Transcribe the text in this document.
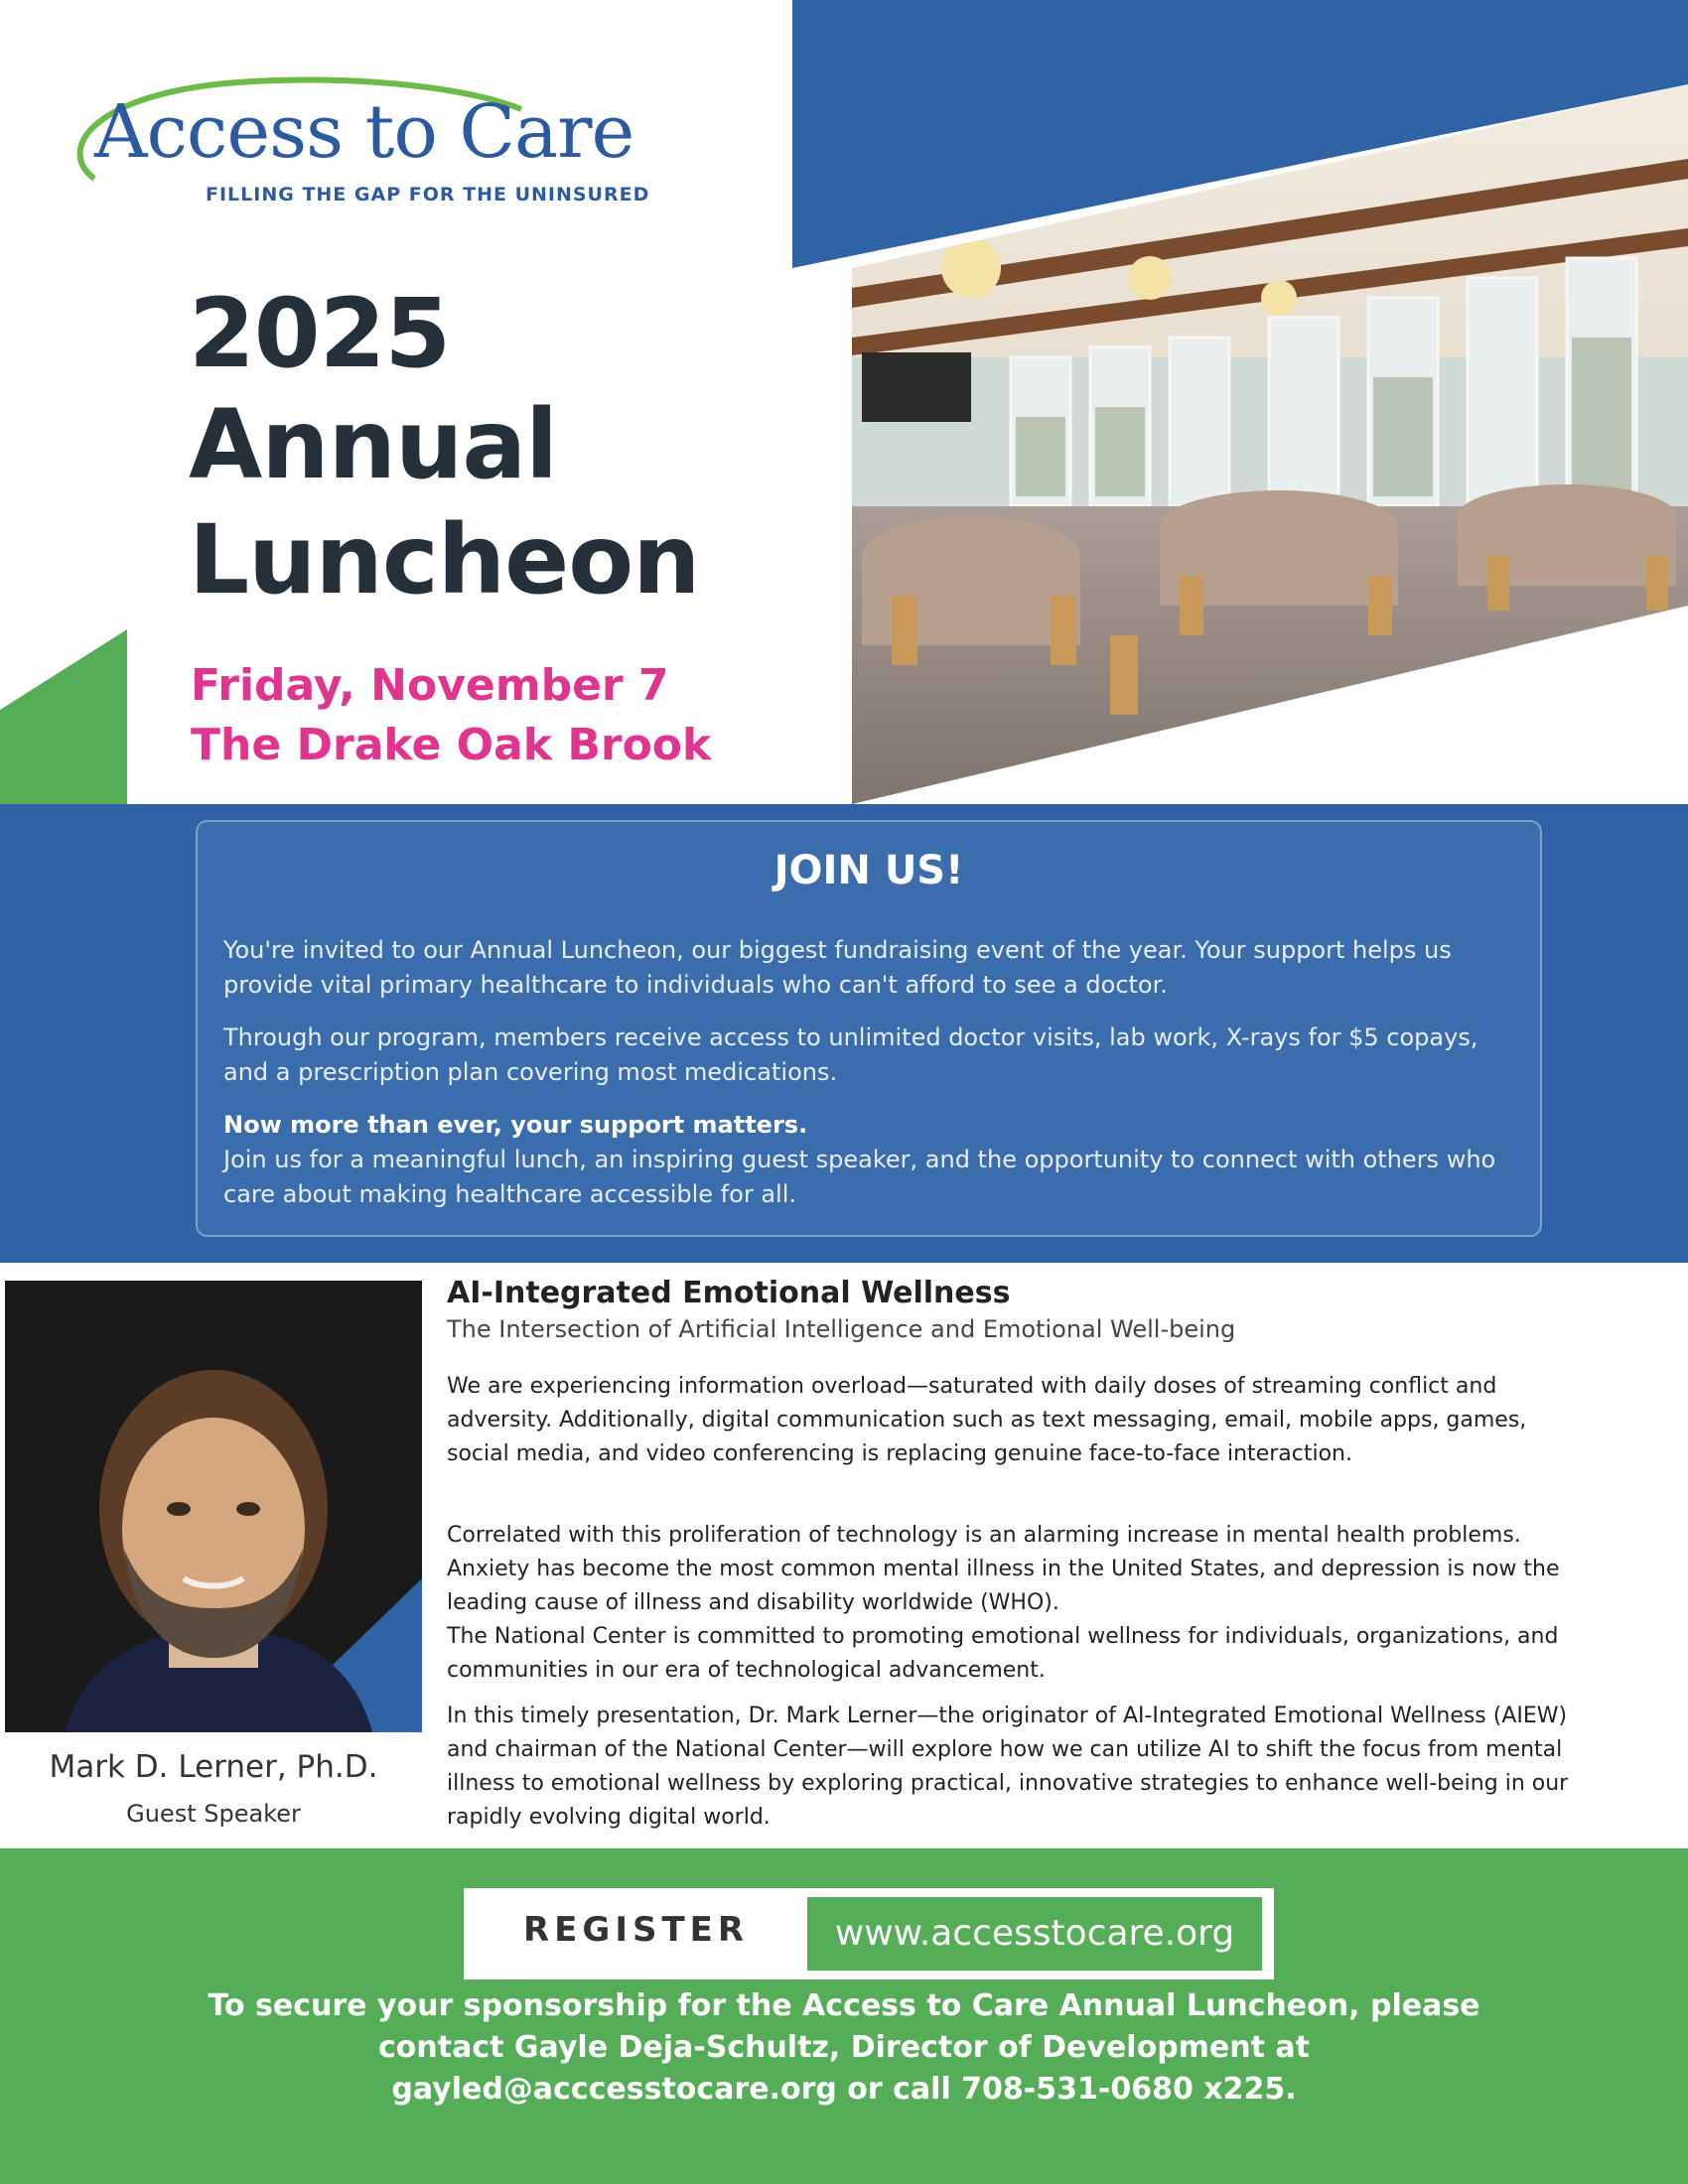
Access to Care
FILLING THE GAP FOR THE UNINSURED
2025
Annual
Luncheon
Friday, November 7
The Drake Oak Brook
JOIN US!

You're invited to our Annual Luncheon, our biggest fundraising event of the year. Your support helps us provide vital primary healthcare to individuals who can't afford to see a doctor.

Through our program, members receive access to unlimited doctor visits, lab work, X-rays for $5 copays, and a prescription plan covering most medications.

Now more than ever, your support matters.
Join us for a meaningful lunch, an inspiring guest speaker, and the opportunity to connect with others who care about making healthcare accessible for all.

Mark D. Lerner, Ph.D.
Guest Speaker
AI-Integrated Emotional Wellness
The Intersection of Artificial Intelligence and Emotional Well-being

We are experiencing information overload—saturated with daily doses of streaming conflict and adversity. Additionally, digital communication such as text messaging, email, mobile apps, games, social media, and video conferencing is replacing genuine face-to-face interaction.

Correlated with this proliferation of technology is an alarming increase in mental health problems. Anxiety has become the most common mental illness in the United States, and depression is now the leading cause of illness and disability worldwide (WHO).

The National Center is committed to promoting emotional wellness for individuals, organizations, and communities in our era of technological advancement.

In this timely presentation, Dr. Mark Lerner—the originator of AI-Integrated Emotional Wellness (AIEW) and chairman of the National Center—will explore how we can utilize AI to shift the focus from mental illness to emotional wellness by exploring practical, innovative strategies to enhance well-being in our rapidly evolving digital world.

REGISTER	www.accesstocare.org
To secure your sponsorship for the Access to Care Annual Luncheon, please
contact Gayle Deja-Schultz, Director of Development at
gayled@acccesstocare.org or call 708-531-0680 x225.
